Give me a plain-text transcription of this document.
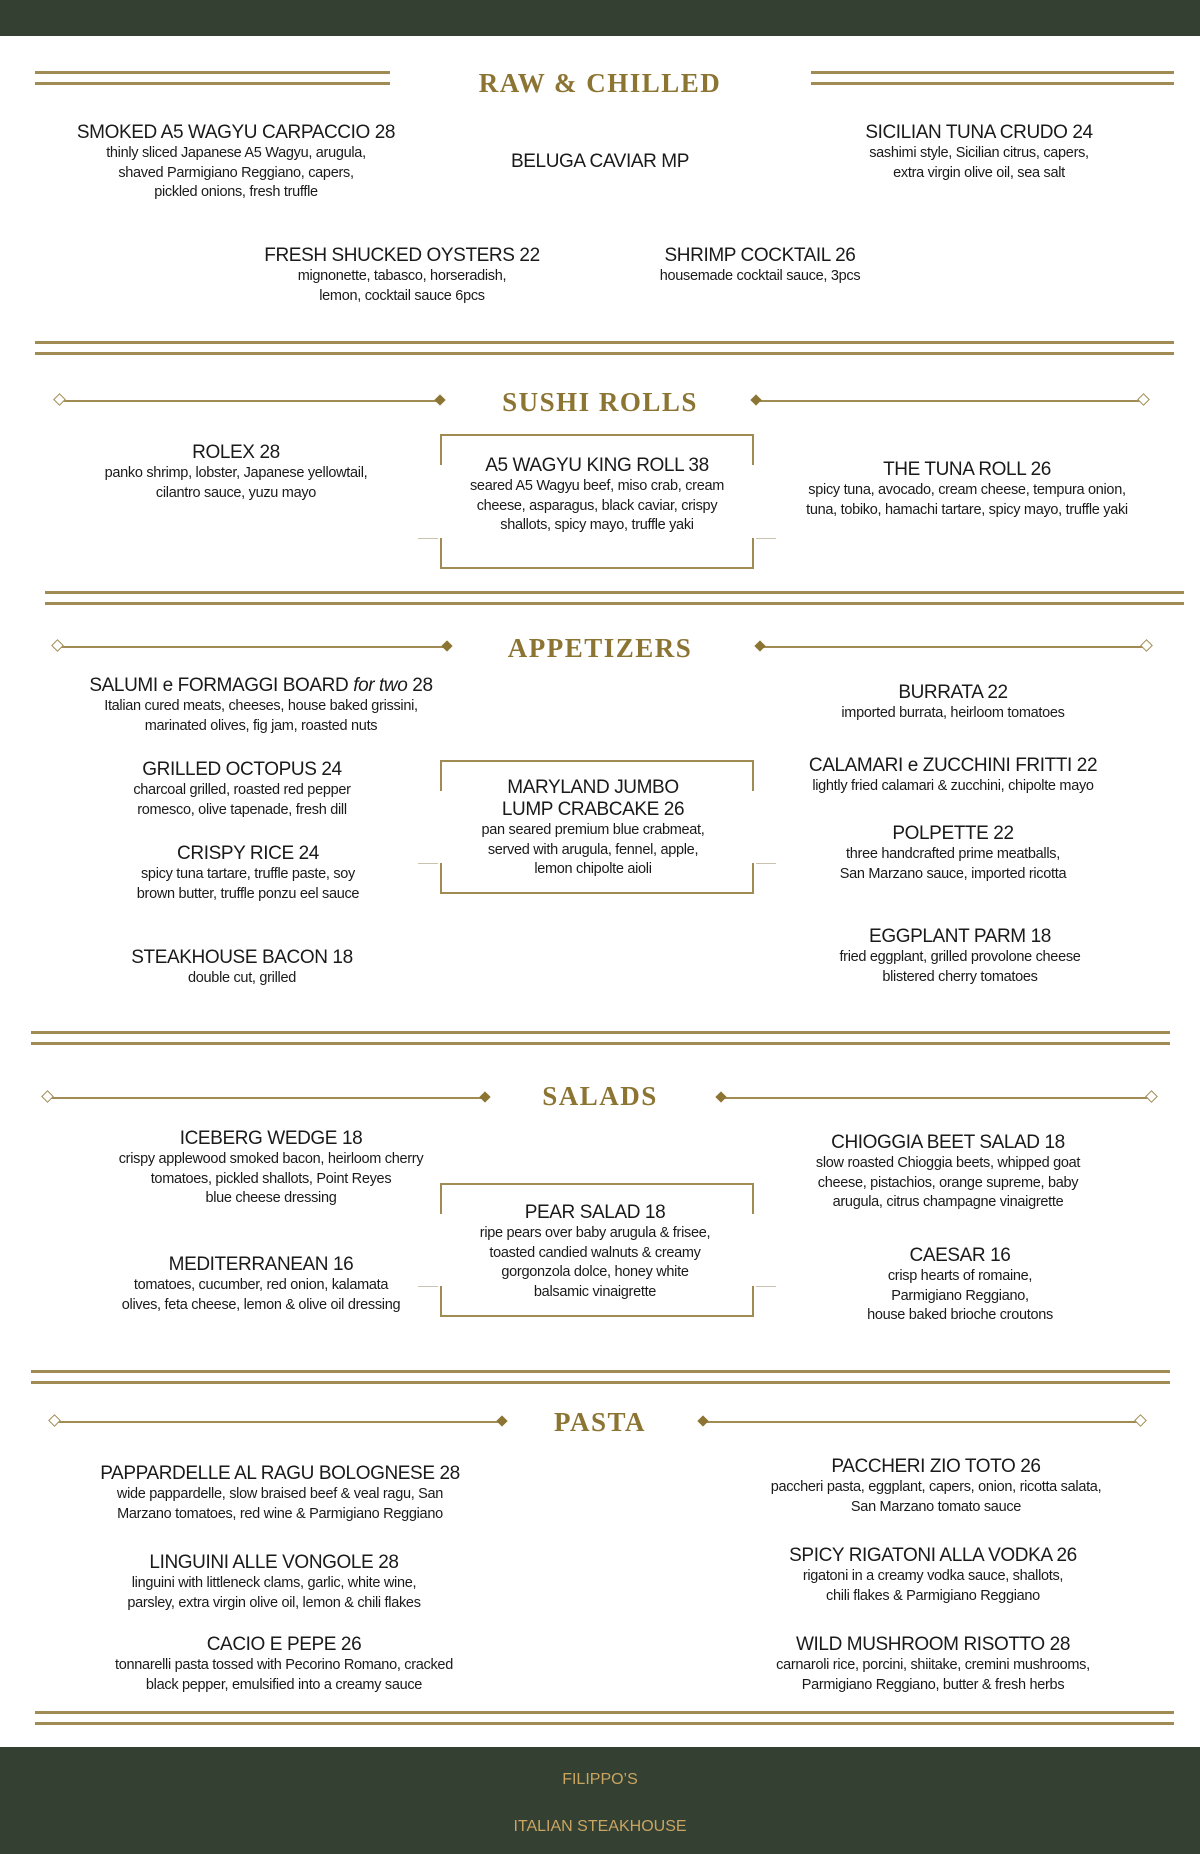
RAW & CHILLED
SUSHI ROLLS
APPETIZERS
SALADS
PASTA
SMOKED A5 WAGYU CARPACCIO 28
thinly sliced Japanese A5 Wagyu, arugula,
shaved Parmigiano Reggiano, capers,
pickled onions, fresh truffle
BELUGA CAVIAR MP
SICILIAN TUNA CRUDO 24
sashimi style, Sicilian citrus, capers,
extra virgin olive oil, sea salt
FRESH SHUCKED OYSTERS 22
mignonette, tabasco, horseradish,
lemon, cocktail sauce 6pcs
SHRIMP COCKTAIL 26
housemade cocktail sauce, 3pcs
ROLEX 28
panko shrimp, lobster, Japanese yellowtail,
cilantro sauce, yuzu mayo
A5 WAGYU KING ROLL 38
seared A5 Wagyu beef, miso crab, cream
cheese, asparagus, black caviar, crispy
shallots, spicy mayo, truffle yaki
THE TUNA ROLL 26
spicy tuna, avocado, cream cheese, tempura onion,
tuna, tobiko, hamachi tartare, spicy mayo, truffle yaki
SALUMI e FORMAGGI BOARD for two 28
Italian cured meats, cheeses, house baked grissini,
marinated olives, fig jam, roasted nuts
BURRATA 22
imported burrata, heirloom tomatoes
GRILLED OCTOPUS 24
charcoal grilled, roasted red pepper
romesco, olive tapenade, fresh dill
MARYLAND JUMBO
LUMP CRABCAKE 26
pan seared premium blue crabmeat,
served with arugula, fennel, apple,
lemon chipolte aioli
CALAMARI e ZUCCHINI FRITTI 22
lightly fried calamari & zucchini, chipolte mayo
CRISPY RICE 24
spicy tuna tartare, truffle paste, soy
brown butter, truffle ponzu eel sauce
POLPETTE 22
three handcrafted prime meatballs,
San Marzano sauce, imported ricotta
STEAKHOUSE BACON 18
double cut, grilled
EGGPLANT PARM 18
fried eggplant, grilled provolone cheese
blistered cherry tomatoes
ICEBERG WEDGE 18
crispy applewood smoked bacon, heirloom cherry
tomatoes, pickled shallots, Point Reyes
blue cheese dressing
CHIOGGIA BEET SALAD 18
slow roasted Chioggia beets, whipped goat
cheese, pistachios, orange supreme, baby
arugula, citrus champagne vinaigrette
PEAR SALAD 18
ripe pears over baby arugula & frisee,
toasted candied walnuts & creamy
gorgonzola dolce, honey white
balsamic vinaigrette
MEDITERRANEAN 16
tomatoes, cucumber, red onion, kalamata
olives, feta cheese, lemon & olive oil dressing
CAESAR 16
crisp hearts of romaine,
Parmigiano Reggiano,
house baked brioche croutons
PAPPARDELLE AL RAGU BOLOGNESE 28
wide pappardelle, slow braised beef & veal ragu, San
Marzano tomatoes, red wine & Parmigiano Reggiano
PACCHERI ZIO TOTO 26
paccheri pasta, eggplant, capers, onion, ricotta salata,
San Marzano tomato sauce
LINGUINI ALLE VONGOLE 28
linguini with littleneck clams, garlic, white wine,
parsley, extra virgin olive oil, lemon & chili flakes
SPICY RIGATONI ALLA VODKA 26
rigatoni in a creamy vodka sauce, shallots,
chili flakes & Parmigiano Reggiano
CACIO E PEPE 26
tonnarelli pasta tossed with Pecorino Romano, cracked
black pepper, emulsified into a creamy sauce
WILD MUSHROOM RISOTTO 28
carnaroli rice, porcini, shiitake, cremini mushrooms,
Parmigiano Reggiano, butter & fresh herbs
FILIPPO’S
ITALIAN STEAKHOUSE
